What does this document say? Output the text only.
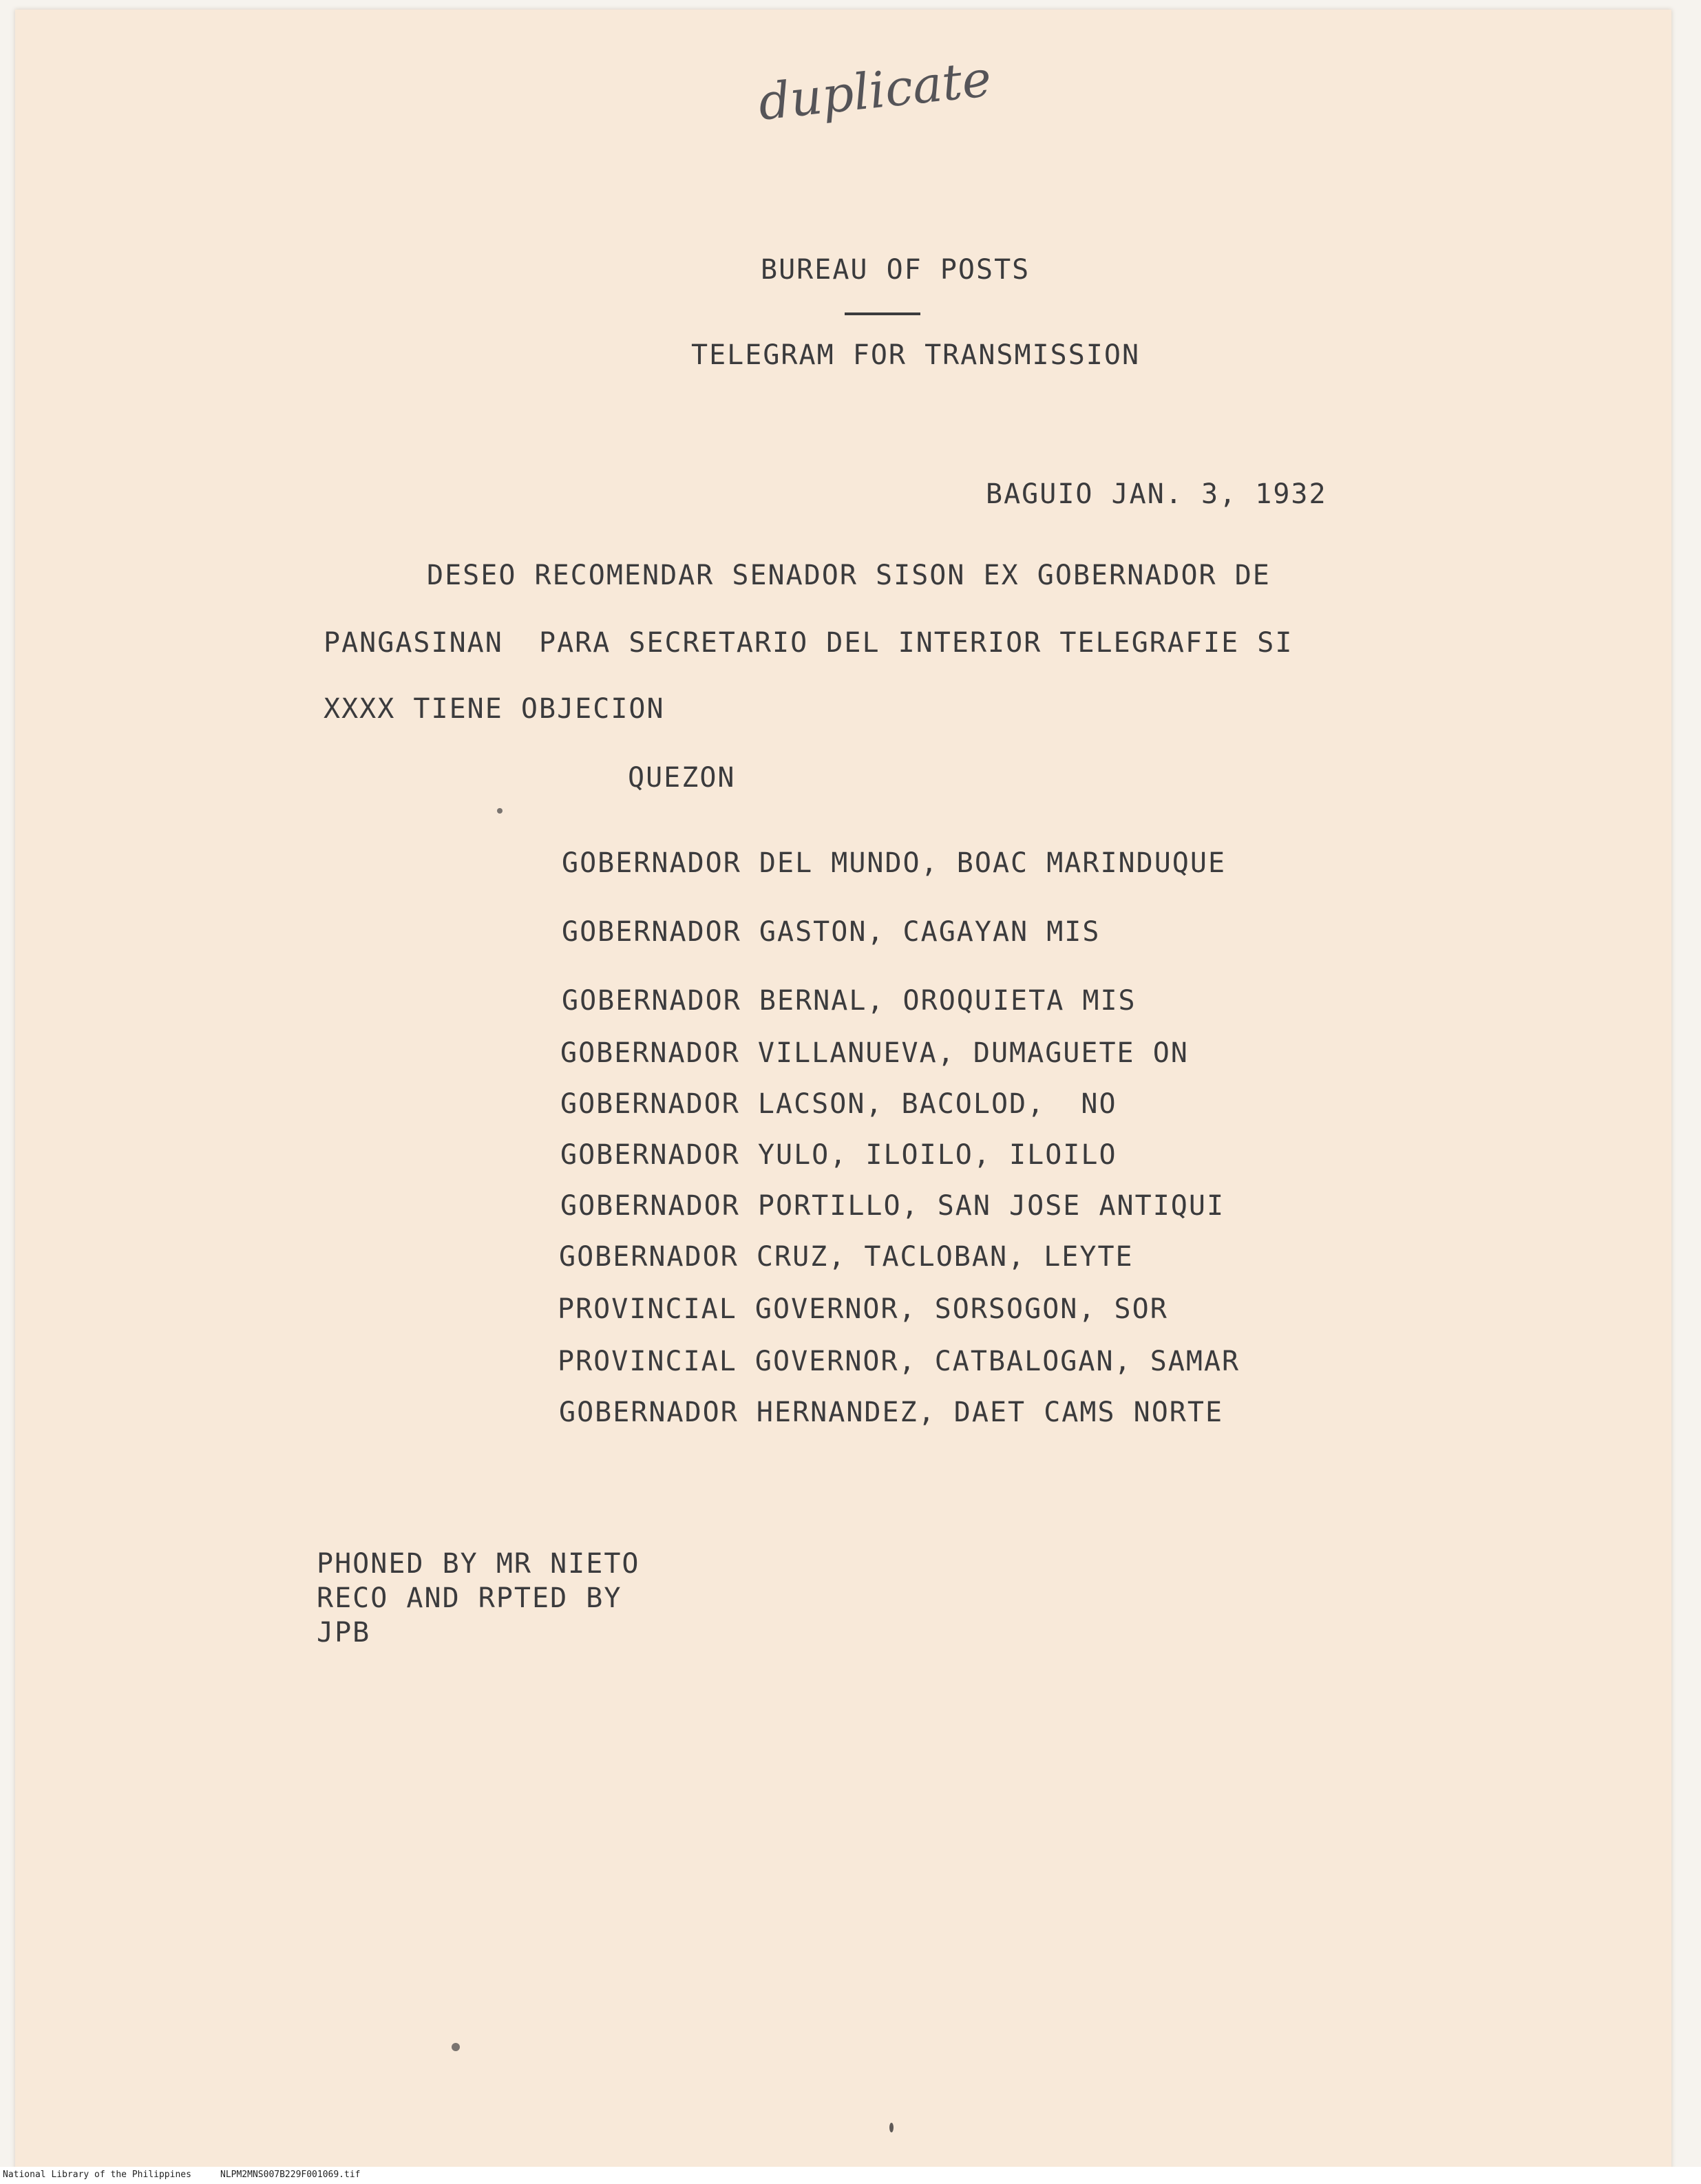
duplicate
BUREAU OF POSTS
TELEGRAM FOR TRANSMISSION
BAGUIO JAN. 3, 1932
DESEO RECOMENDAR SENADOR SISON EX GOBERNADOR DE
PANGASINAN  PARA SECRETARIO DEL INTERIOR TELEGRAFIE SI
XXXX TIENE OBJECION
QUEZON
GOBERNADOR DEL MUNDO, BOAC MARINDUQUE
GOBERNADOR GASTON, CAGAYAN MIS
GOBERNADOR BERNAL, OROQUIETA MIS
GOBERNADOR VILLANUEVA, DUMAGUETE ON
GOBERNADOR LACSON, BACOLOD,  NO
GOBERNADOR YULO, ILOILO, ILOILO
GOBERNADOR PORTILLO, SAN JOSE ANTIQUI
GOBERNADOR CRUZ, TACLOBAN, LEYTE
PROVINCIAL GOVERNOR, SORSOGON, SOR
PROVINCIAL GOVERNOR, CATBALOGAN, SAMAR
GOBERNADOR HERNANDEZ, DAET CAMS NORTE
PHONED BY MR NIETO
RECO AND RPTED BY
JPB
National Library of the Philippines	NLPM2MNS007B229F001069.tif
